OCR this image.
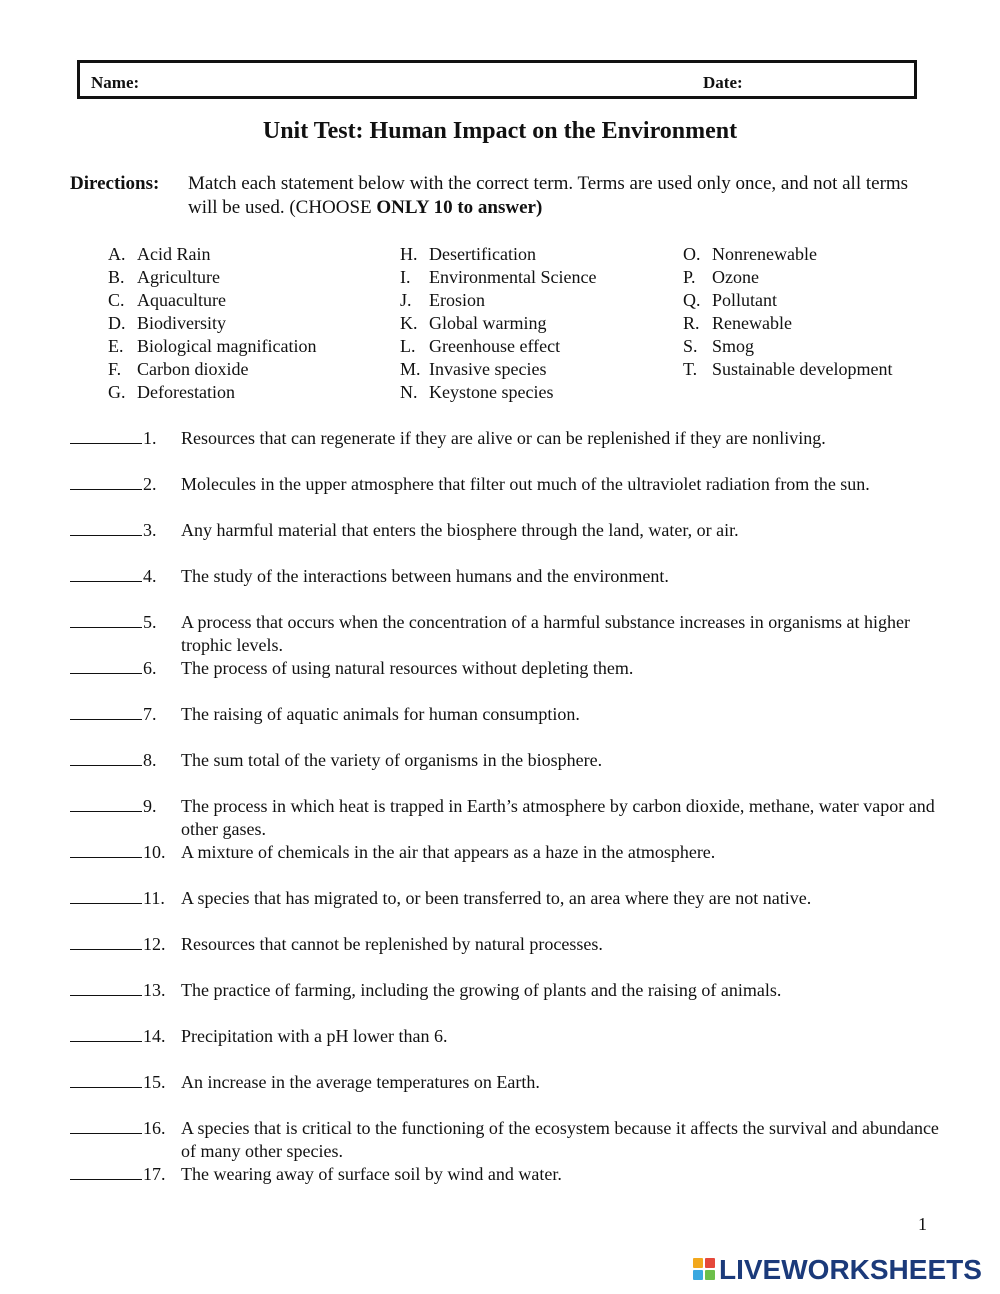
Name:	Date:
Unit Test: Human Impact on the Environment
Directions: Match each statement below with the correct term. Terms are used only once, and not all terms will be used. (CHOOSE ONLY 10 to answer)
A. Acid Rain
B. Agriculture
C. Aquaculture
D. Biodiversity
E. Biological magnification
F. Carbon dioxide
G. Deforestation
H. Desertification
I. Environmental Science
J. Erosion
K. Global warming
L. Greenhouse effect
M. Invasive species
N. Keystone species
O. Nonrenewable
P. Ozone
Q. Pollutant
R. Renewable
S. Smog
T. Sustainable development
1. Resources that can regenerate if they are alive or can be replenished if they are nonliving.
2. Molecules in the upper atmosphere that filter out much of the ultraviolet radiation from the sun.
3. Any harmful material that enters the biosphere through the land, water, or air.
4. The study of the interactions between humans and the environment.
5. A process that occurs when the concentration of a harmful substance increases in organisms at higher trophic levels.
6. The process of using natural resources without depleting them.
7. The raising of aquatic animals for human consumption.
8. The sum total of the variety of organisms in the biosphere.
9. The process in which heat is trapped in Earth’s atmosphere by carbon dioxide, methane, water vapor and other gases.
10. A mixture of chemicals in the air that appears as a haze in the atmosphere.
11. A species that has migrated to, or been transferred to, an area where they are not native.
12. Resources that cannot be replenished by natural processes.
13. The practice of farming, including the growing of plants and the raising of animals.
14. Precipitation with a pH lower than 6.
15. An increase in the average temperatures on Earth.
16. A species that is critical to the functioning of the ecosystem because it affects the survival and abundance of many other species.
17. The wearing away of surface soil by wind and water.
1
LIVEWORKSHEETS
